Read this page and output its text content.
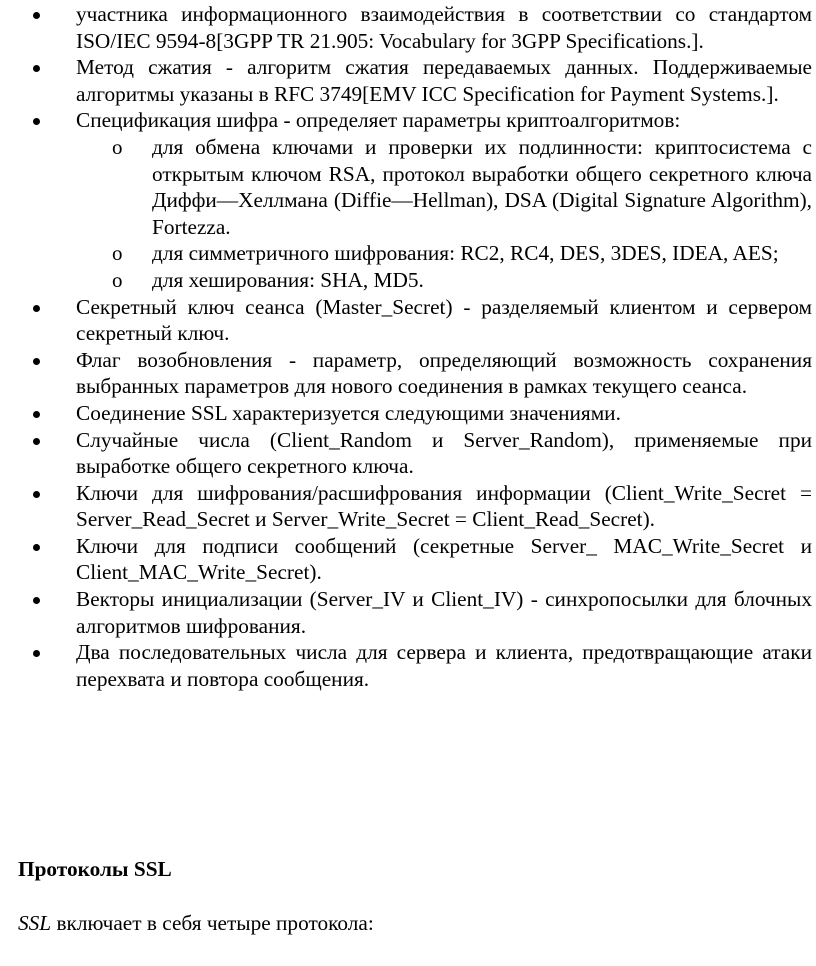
участника информационного взаимодействия в соответствии со стандартом ISO/IEC 9594-8[3GPP TR 21.905: Vocabulary for 3GPP Specifications.].
Метод сжатия - алгоритм сжатия передаваемых данных. Поддерживаемые алгоритмы указаны в RFC 3749[EMV ICC Specification for Payment Systems.].
Спецификация шифра - определяет параметры криптоалгоритмов:
o для обмена ключами и проверки их подлинности: криптосистема с открытым ключом RSA, протокол выработки общего секретного ключа Диффи—Хеллмана (Diffie—Hellman), DSA (Digital Signature Algorithm), Fortezza.
o для симметричного шифрования: RC2, RC4, DES, 3DES, IDEA, AES;
o для хеширования: SHA, MD5.
Секретный ключ сеанса (Master_Secret) - разделяемый клиентом и сервером секретный ключ.
Флаг возобновления - параметр, определяющий возможность сохранения выбранных параметров для нового соединения в рамках текущего сеанса.
Соединение SSL характеризуется следующими значениями.
Случайные числа (Client_Random и Server_Random), применяемые при выработке общего секретного ключа.
Ключи для шифрования/расшифрования информации (Client_Write_Secret = Server_Read_Secret и Server_Write_Secret = Client_Read_Secret).
Ключи для подписи сообщений (секретные Server_ MAC_Write_Secret и Client_MAC_Write_Secret).
Векторы инициализации (Server_IV и Client_IV) - синхропосылки для блочных алгоритмов шифрования.
Два последовательных числа для сервера и клиента, предотвращающие атаки перехвата и повтора сообщения.
Протоколы SSL

SSL включает в себя четыре протокола:
